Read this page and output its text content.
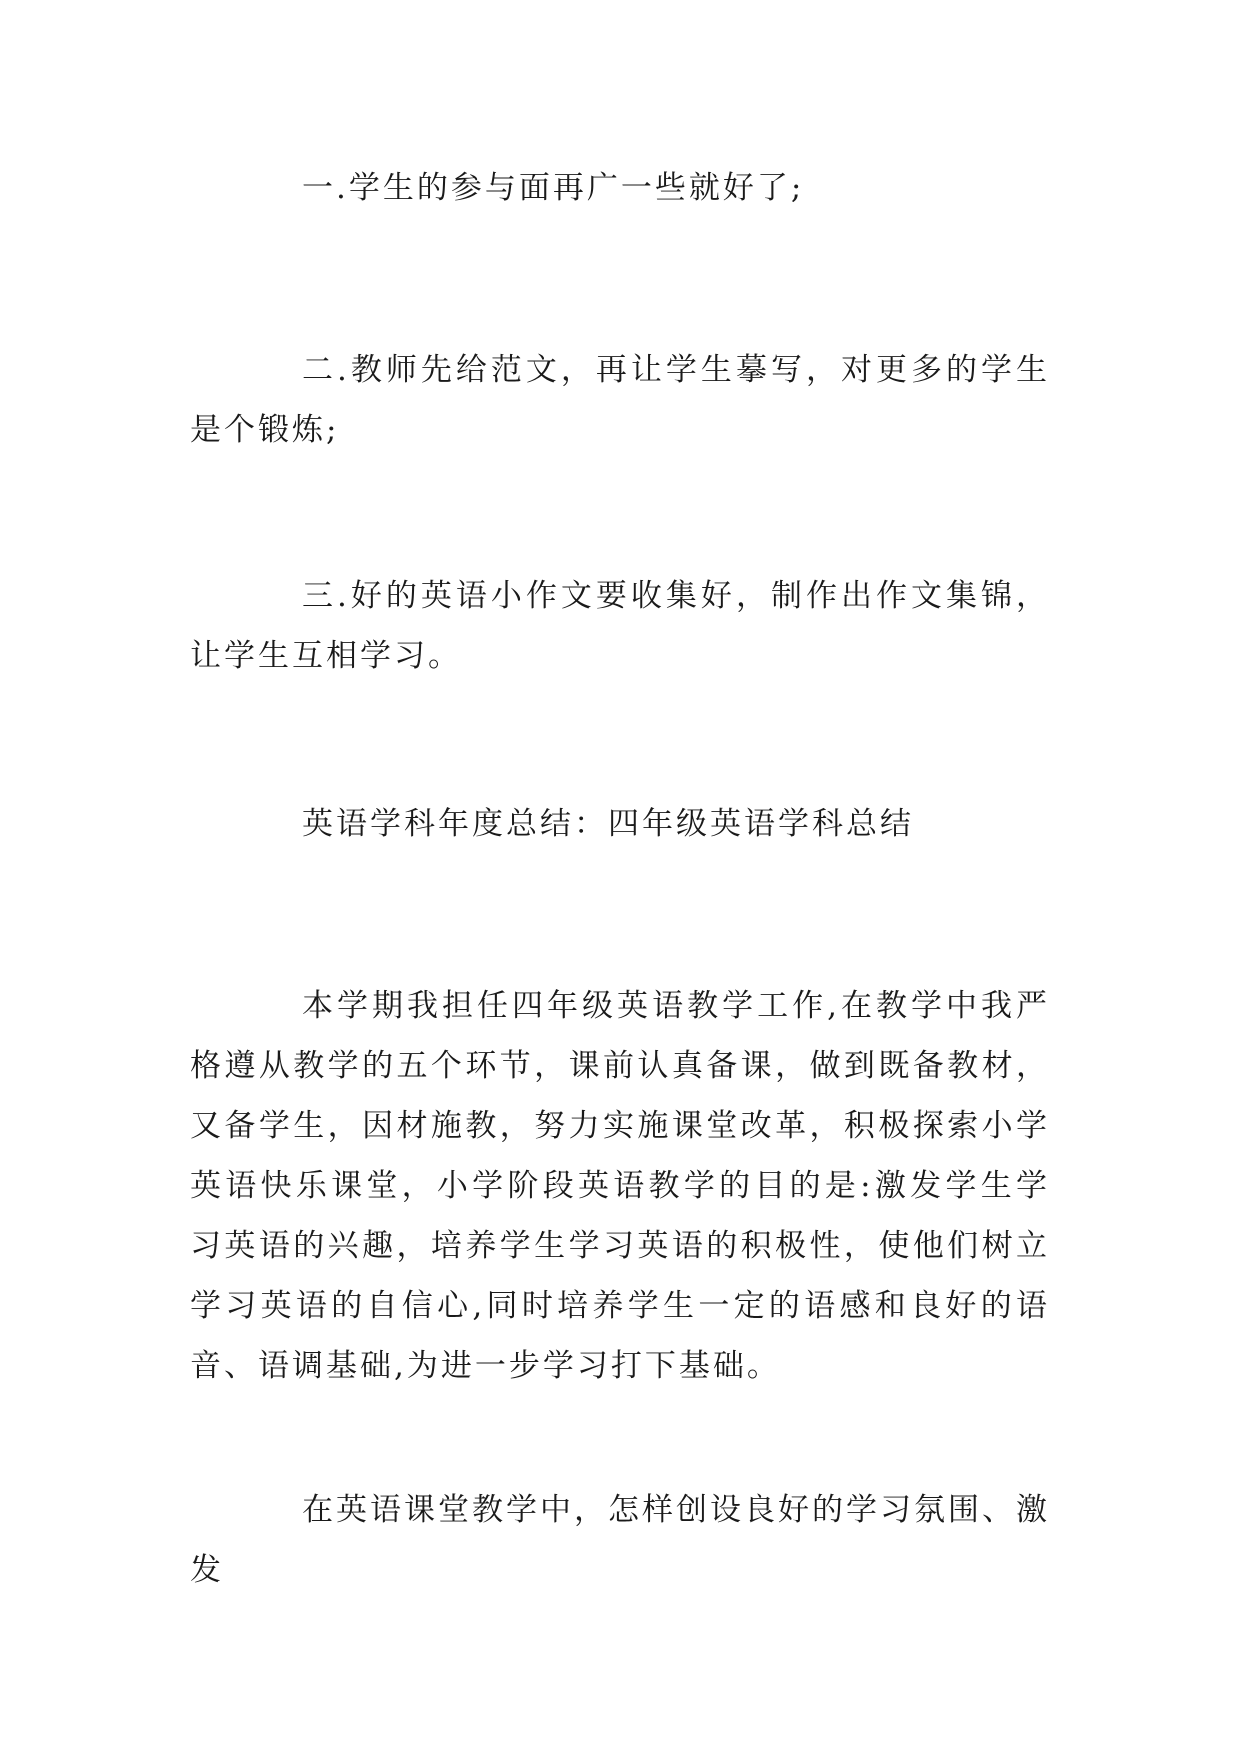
一.学生的参与面再广一些就好了;

二.教师先给范文，再让学生摹写，对更多的学生是个锻炼;

三.好的英语小作文要收集好，制作出作文集锦，让学生互相学习。

英语学科年度总结：四年级英语学科总结

本学期我担任四年级英语教学工作,在教学中我严格遵从教学的五个环节，课前认真备课，做到既备教材，又备学生，因材施教，努力实施课堂改革，积极探索小学英语快乐课堂，小学阶段英语教学的目的是:激发学生学习英语的兴趣，培养学生学习英语的积极性，使他们树立学习英语的自信心,同时培养学生一定的语感和良好的语音、语调基础,为进一步学习打下基础。

在英语课堂教学中，怎样创设良好的学习氛围、激发
